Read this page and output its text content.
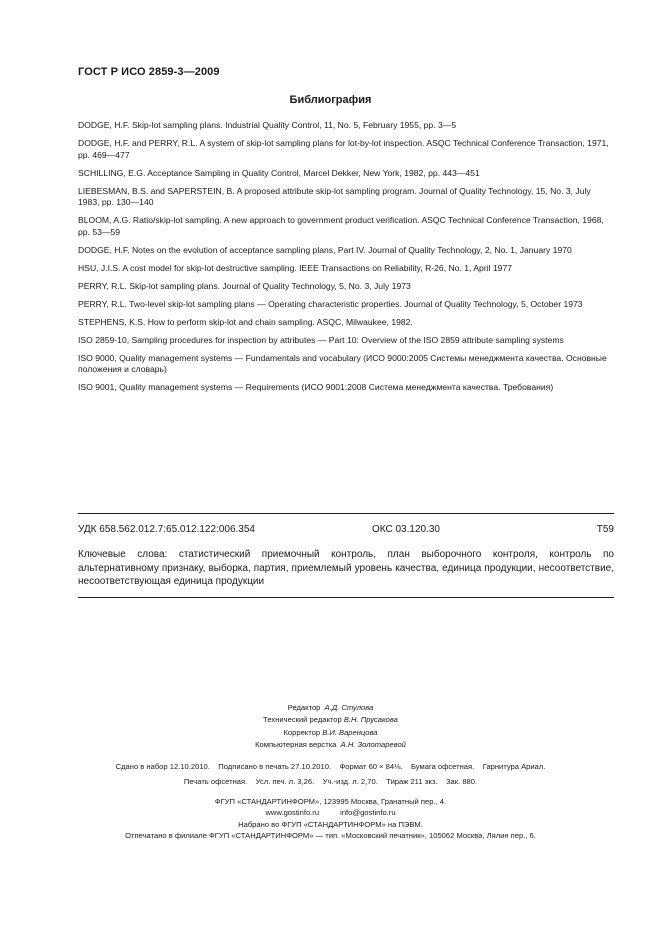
ГОСТ Р ИСО 2859-3—2009
Библиография

DODGE, H.F. Skip-lot sampling plans. Industrial Quality Control, 11, No. 5, February 1955, pp. 3—5

DODGE, H.F. and PERRY, R.L. A system of skip-lot sampling plans for lot-by-lot inspection. ASQC Technical Conference Transaction, 1971, pp. 469—477

SCHILLING, E.G. Acceptance Sampling in Quality Control, Marcel Dekker, New York, 1982, pp. 443—451

LIEBESMAN, B.S. and SAPERSTEIN, B. A proposed attribute skip-lot sampling program. Journal of Quality Technology, 15, No. 3, July 1983, pp. 130—140

BLOOM, A.G. Ratio/skip-lot sampling. A new approach to government product verification. ASQC Technical Conference Transaction, 1968, pp. 53—59

DODGE, H.F. Notes on the evolution of acceptance sampling plans, Part IV. Journal of Quality Technology, 2, No. 1, January 1970

HSU, J.I.S. A cost model for skip-lot destructive sampling. IEEE Transactions on Reliability, R-26, No. 1, April 1977

PERRY, R.L. Skip-lot sampling plans. Journal of Quality Technology, 5, No. 3, July 1973

PERRY, R.L. Two-level skip-lot sampling plans — Operating characteristic properties. Journal of Quality Technology, 5, October 1973

STEPHENS, K.S. How to perform skip-lot and chain sampling. ASQC, Milwaukee, 1982.

ISO 2859-10, Sampling procedures for inspection by attributes — Part 10: Overview of the ISO 2859 attribute sampling systems

ISO 9000, Quality management systems — Fundamentals and vocabulary (ИСО 9000:2005 Системы менеджмента качества. Основные положения и словарь)

ISO 9001, Quality management systems — Requirements (ИСО 9001:2008 Система менеджмента качества. Требования)

УДК 658.562.012.7:65.012.122:006.354	ОКС 03.120.30	Т59
Ключевые слова: статистический приемочный контроль, план выборочного контроля, контроль по альтернативному признаку, выборка, партия, приемлемый уровень качества, единица продукции, несоответствие, несоответствующая единица продукции
Редактор А.Д. Стулова
Технический редактор В.Н. Прусакова
Корректор В.И. Варенцова
Компьютерная верстка А.Н. Золотаревой
Сдано в набор 12.10.2010.    Подписано в печать 27.10.2010.    Формат 60 × 84⅛.    Бумага офсетная.    Гарнитура Ариал.
Печать офсетная.    Усл. печ. л. 3,26.    Уч.-изд. л. 2,70.    Тираж 211 экз.    Зак. 880.
ФГУП «СТАНДАРТИНФОРМ», 123995 Москва, Гранатный пер., 4.
www.gostinfo.ru          info@gostinfo.ru
Набрано во ФГУП «СТАНДАРТИНФОРМ» на ПЭВМ.
Отпечатано в филиале ФГУП «СТАНДАРТИНФОРМ» — тип. «Московский печатник», 105062 Москва, Лялин пер., 6.
